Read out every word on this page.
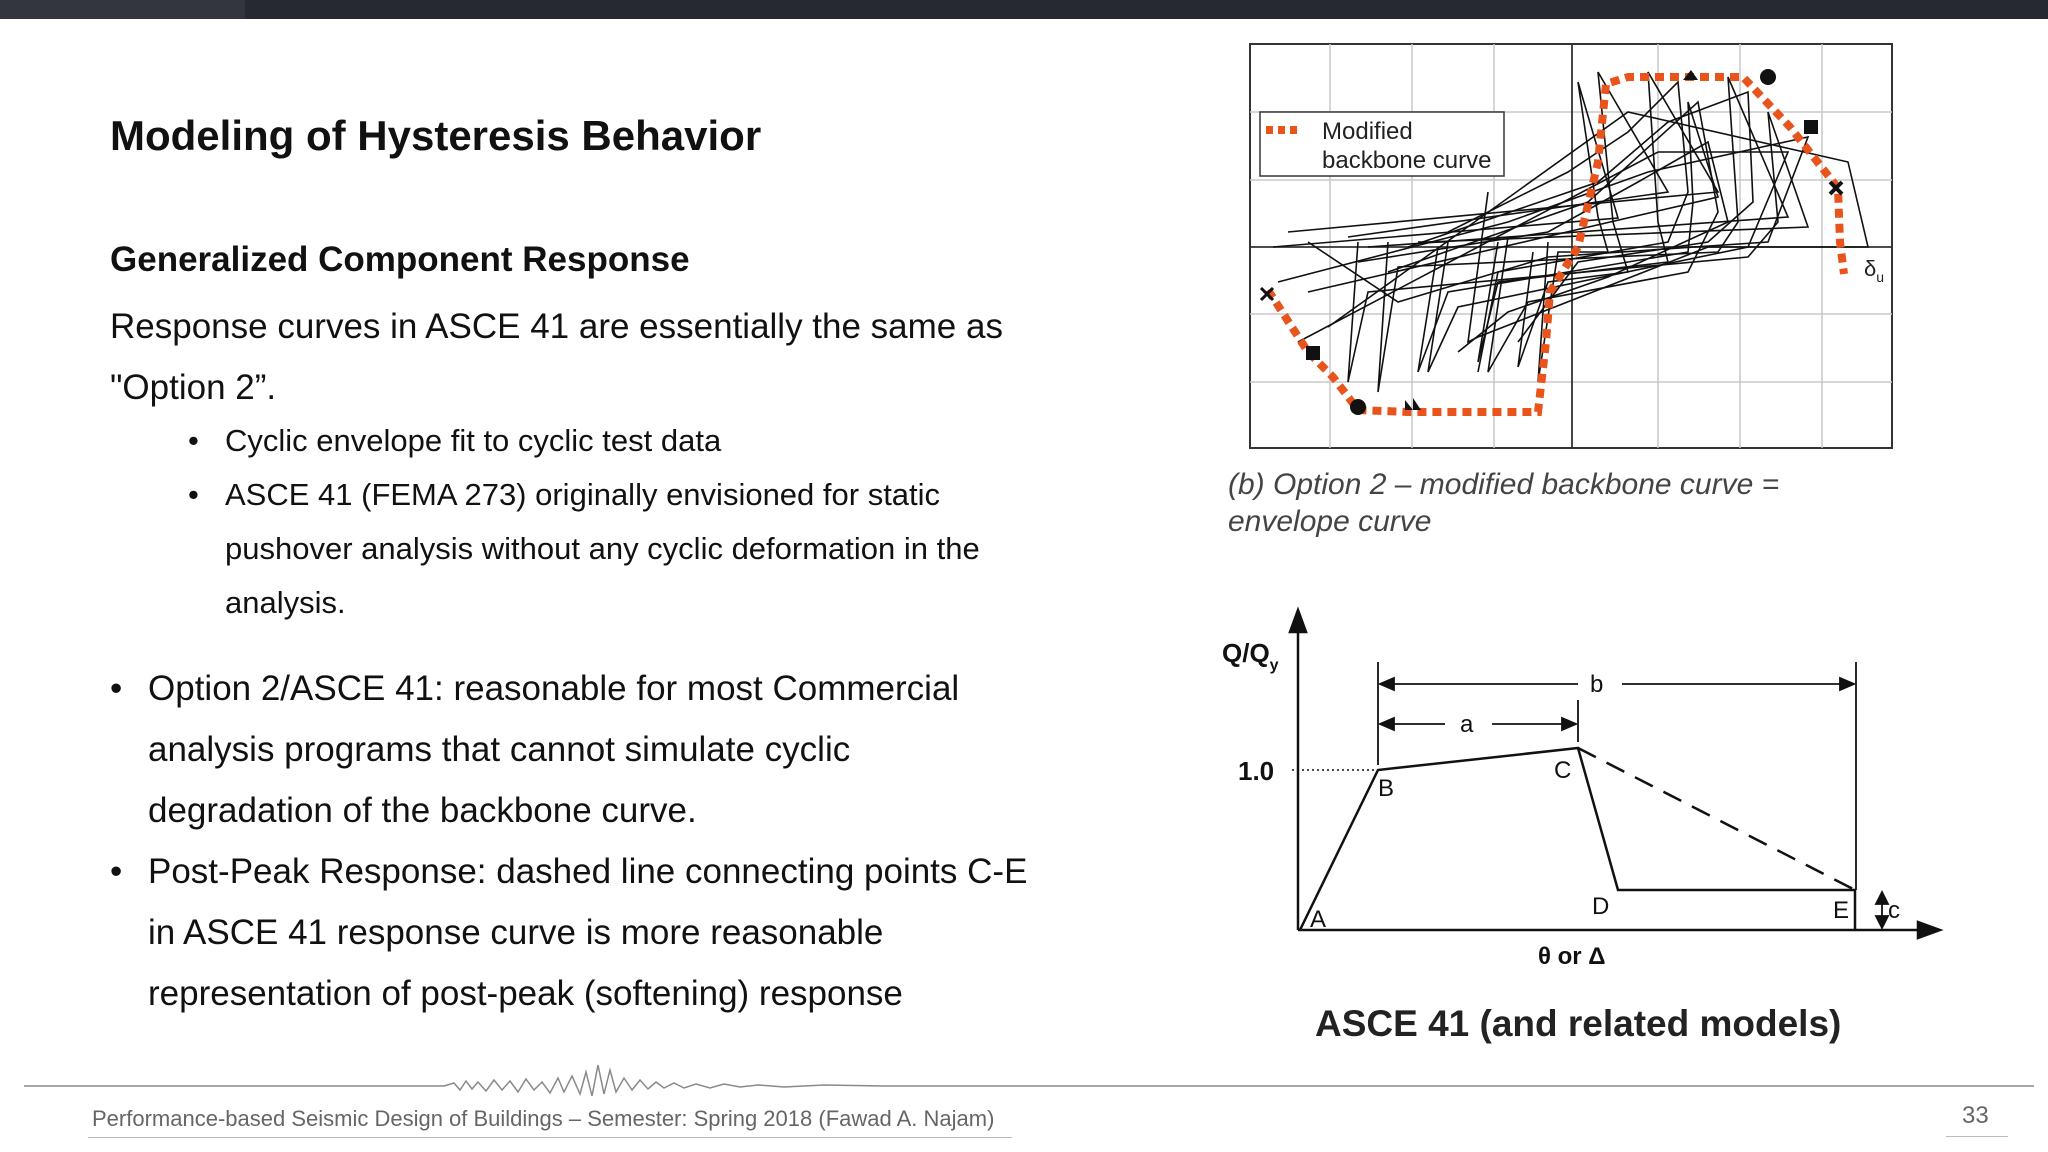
Modeling of Hysteresis Behavior
Generalized Component Response

Response curves in ASCE 41 are essentially the same as "Option 2”.

• Cyclic envelope fit to cyclic test data
• ASCE 41 (FEMA 273) originally envisioned for static pushover analysis without any cyclic deformation in the analysis.
• Option 2/ASCE 41: reasonable for most Commercial analysis programs that cannot simulate cyclic degradation of the backbone curve.
• Post-Peak Response: dashed line connecting points C-E in ASCE 41 response curve is more reasonable representation of post-peak (softening) response
Modified
backbone curve
$\delta_u$

(b) Option 2 – modified backbone curve =
envelope curve

$Q/Q_y$
1.0
A
B
C
D	E
a
b
c
θ or Δ

ASCE 41 (and related models)

Performance-based Seismic Design of Buildings – Semester: Spring 2018 (Fawad A. Najam)	33
